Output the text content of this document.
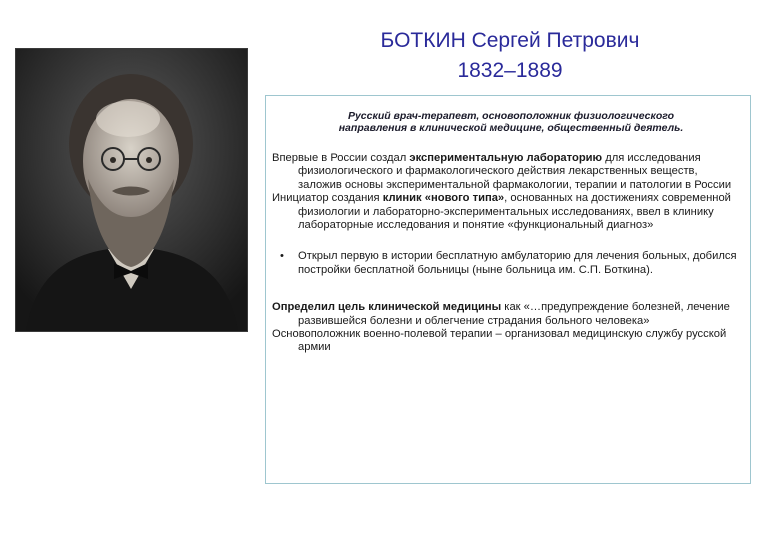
БОТКИН Сергей Петрович
1832–1889
Русский врач-терапевт, основоположник физиологического
направления в клинической медицине, общественный деятель.

Впервые в России создал экспериментальную лабораторию для исследования физиологического и фармакологического действия лекарственных веществ, заложив основы экспериментальной фармакологии, терапии и патологии в России

Инициатор создания клиник «нового типа», основанных на достижениях современной физиологии и лабораторно-экспериментальных исследованиях, ввел в клинику лабораторные исследования и понятие «функциональный диагноз»

• Открыл первую в истории бесплатную амбулаторию для лечения больных, добился постройки бесплатной больницы (ныне больница им. С.П. Боткина).

Определил цель клинической медицины как «…предупреждение болезней, лечение развившейся болезни и облегчение страдания больного человека»

Основоположник военно-полевой терапии – организовал медицинскую службу русской армии
